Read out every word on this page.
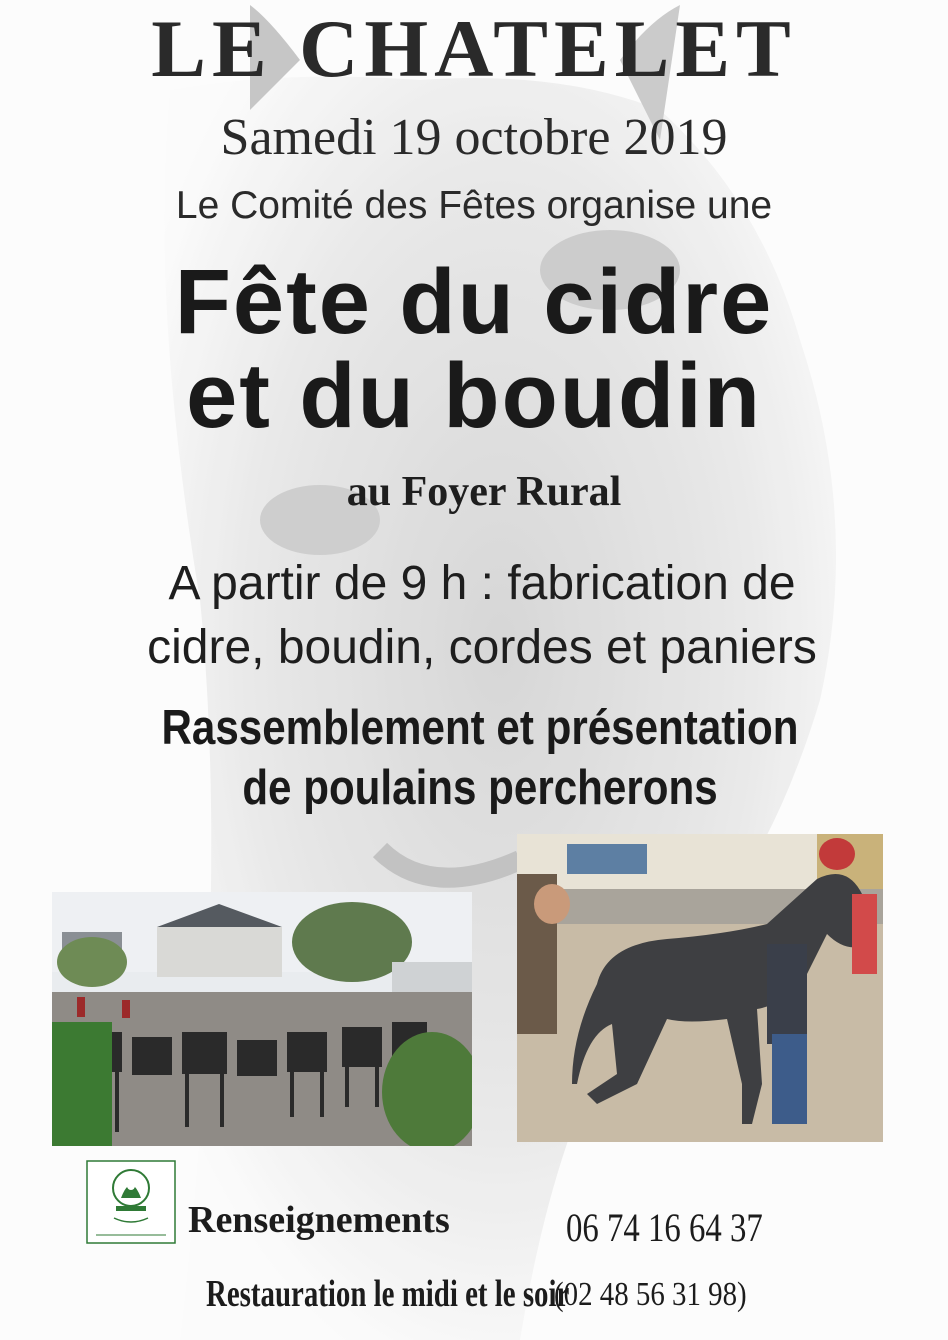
LE CHATELET
Samedi 19 octobre 2019
Le Comité des Fêtes organise une
Fête du cidre
et du boudin
au Foyer Rural
A partir de 9 h : fabrication de
cidre, boudin, cordes et paniers
Rassemblement et présentation
de poulains percherons
Renseignements	06 74 16 64 37
Restauration le midi et le soir
(02 48 56 31 98)
